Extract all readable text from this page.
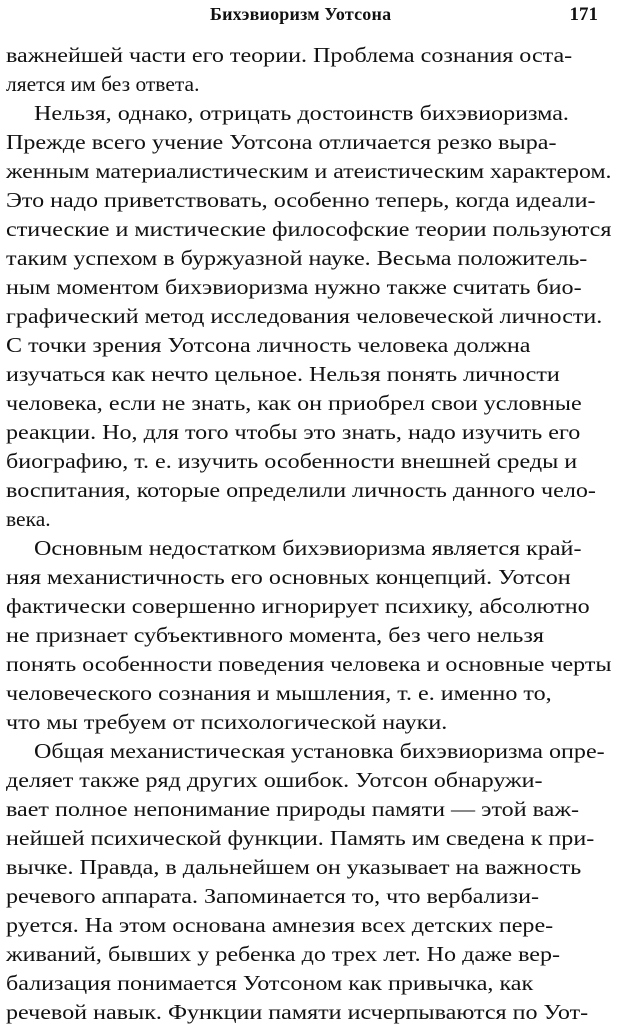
Бихэвиоризм Уотсона	171
важнейшей части его теории. Проблема сознания оста-
ляется им без ответа.
Нельзя, однако, отрицать достоинств бихэвиоризма.
Прежде всего учение Уотсона отличается резко выра-
женным материалистическим и атеистическим характером.
Это надо приветствовать, особенно теперь, когда идеали-
стические и мистические философские теории пользуются
таким успехом в буржуазной науке. Весьма положитель-
ным моментом бихэвиоризма нужно также считать био-
графический метод исследования человеческой личности.
С точки зрения Уотсона личность человека должна
изучаться как нечто цельное. Нельзя понять личности
человека, если не знать, как он приобрел свои условные
реакции. Но, для того чтобы это знать, надо изучить его
биографию, т. е. изучить особенности внешней среды и
воспитания, которые определили личность данного чело-
века.
Основным недостатком бихэвиоризма является край-
няя механистичность его основных концепций. Уотсон
фактически совершенно игнорирует психику, абсолютно
не признает субъективного момента, без чего нельзя
понять особенности поведения человека и основные черты
человеческого сознания и мышления, т. е. именно то,
что мы требуем от психологической науки.
Общая механистическая установка бихэвиоризма опре-
деляет также ряд других ошибок. Уотсон обнаружи-
вает полное непонимание природы памяти — этой важ-
нейшей психической функции. Память им сведена к при-
вычке. Правда, в дальнейшем он указывает на важность
речевого аппарата. Запоминается то, что вербализи-
руется. На этом основана амнезия всех детских пере-
живаний, бывших у ребенка до трех лет. Но даже вер-
бализация понимается Уотсоном как привычка, как
речевой навык. Функции памяти исчерпываются по Уот-
